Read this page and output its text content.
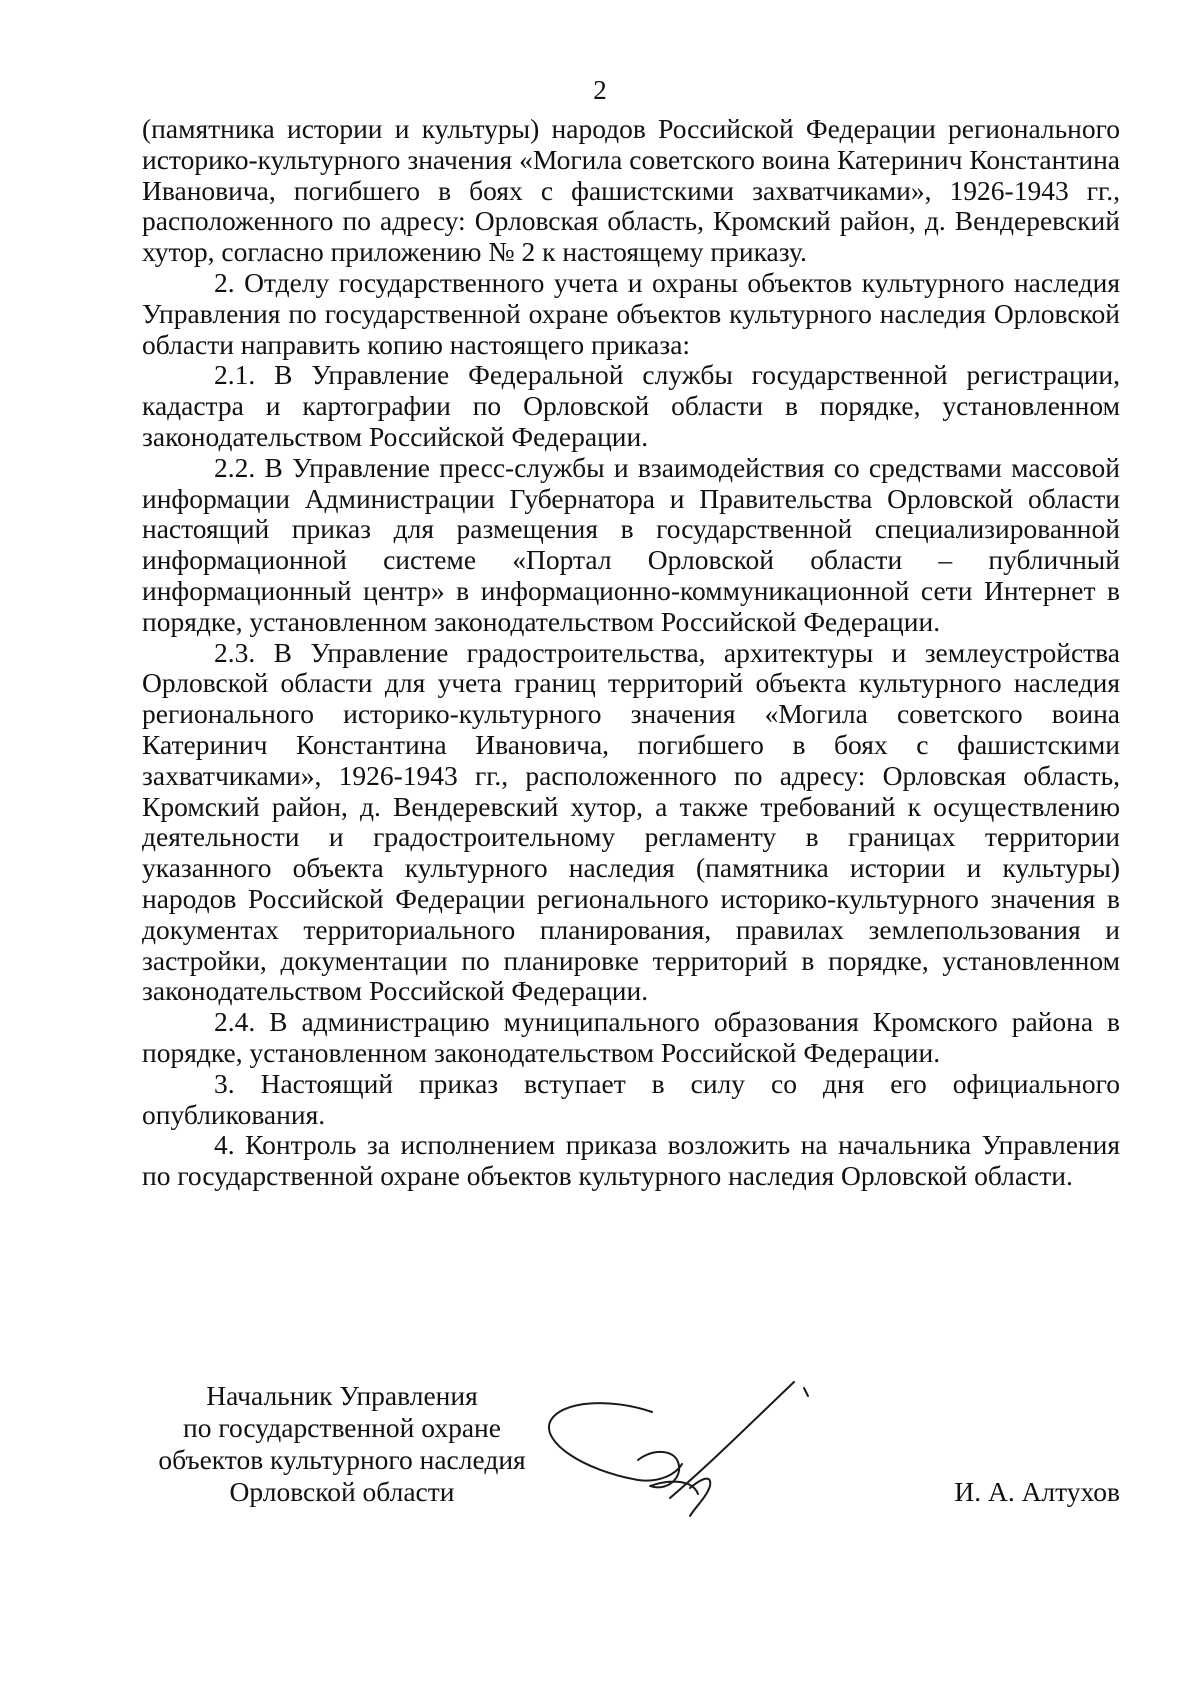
2

(памятника истории и культуры) народов Российской Федерации регионального историко-культурного значения «Могила советского воина Катеринич Константина Ивановича, погибшего в боях с фашистскими захватчиками», 1926-1943 гг., расположенного по адресу: Орловская область, Кромский район, д. Вендеревский хутор, согласно приложению № 2 к настоящему приказу.

2. Отделу государственного учета и охраны объектов культурного наследия Управления по государственной охране объектов культурного наследия Орловской области направить копию настоящего приказа:

2.1. В Управление Федеральной службы государственной регистрации, кадастра и картографии по Орловской области в порядке, установленном законодательством Российской Федерации.

2.2. В Управление пресс-службы и взаимодействия со средствами массовой информации Администрации Губернатора и Правительства Орловской области настоящий приказ для размещения в государственной специализированной информационной системе «Портал Орловской области – публичный информационный центр» в информационно-коммуникационной сети Интернет в порядке, установленном законодательством Российской Федерации.

2.3. В Управление градостроительства, архитектуры и землеустройства Орловской области для учета границ территорий объекта культурного наследия регионального историко-культурного значения «Могила советского воина Катеринич Константина Ивановича, погибшего в боях с фашистскими захватчиками», 1926-1943 гг., расположенного по адресу: Орловская область, Кромский район, д. Вендеревский хутор, а также требований к осуществлению деятельности и градостроительному регламенту в границах территории указанного объекта культурного наследия (памятника истории и культуры) народов Российской Федерации регионального историко-культурного значения в документах территориального планирования, правилах землепользования и застройки, документации по планировке территорий в порядке, установленном законодательством Российской Федерации.

2.4. В администрацию муниципального образования Кромского района в порядке, установленном законодательством Российской Федерации.

3. Настоящий приказ вступает в силу со дня его официального опубликования.

4. Контроль за исполнением приказа возложить на начальника Управления по государственной охране объектов культурного наследия Орловской области.

Начальник Управления
по государственной охране
объектов культурного наследия
Орловской области	И. А. Алтухов
